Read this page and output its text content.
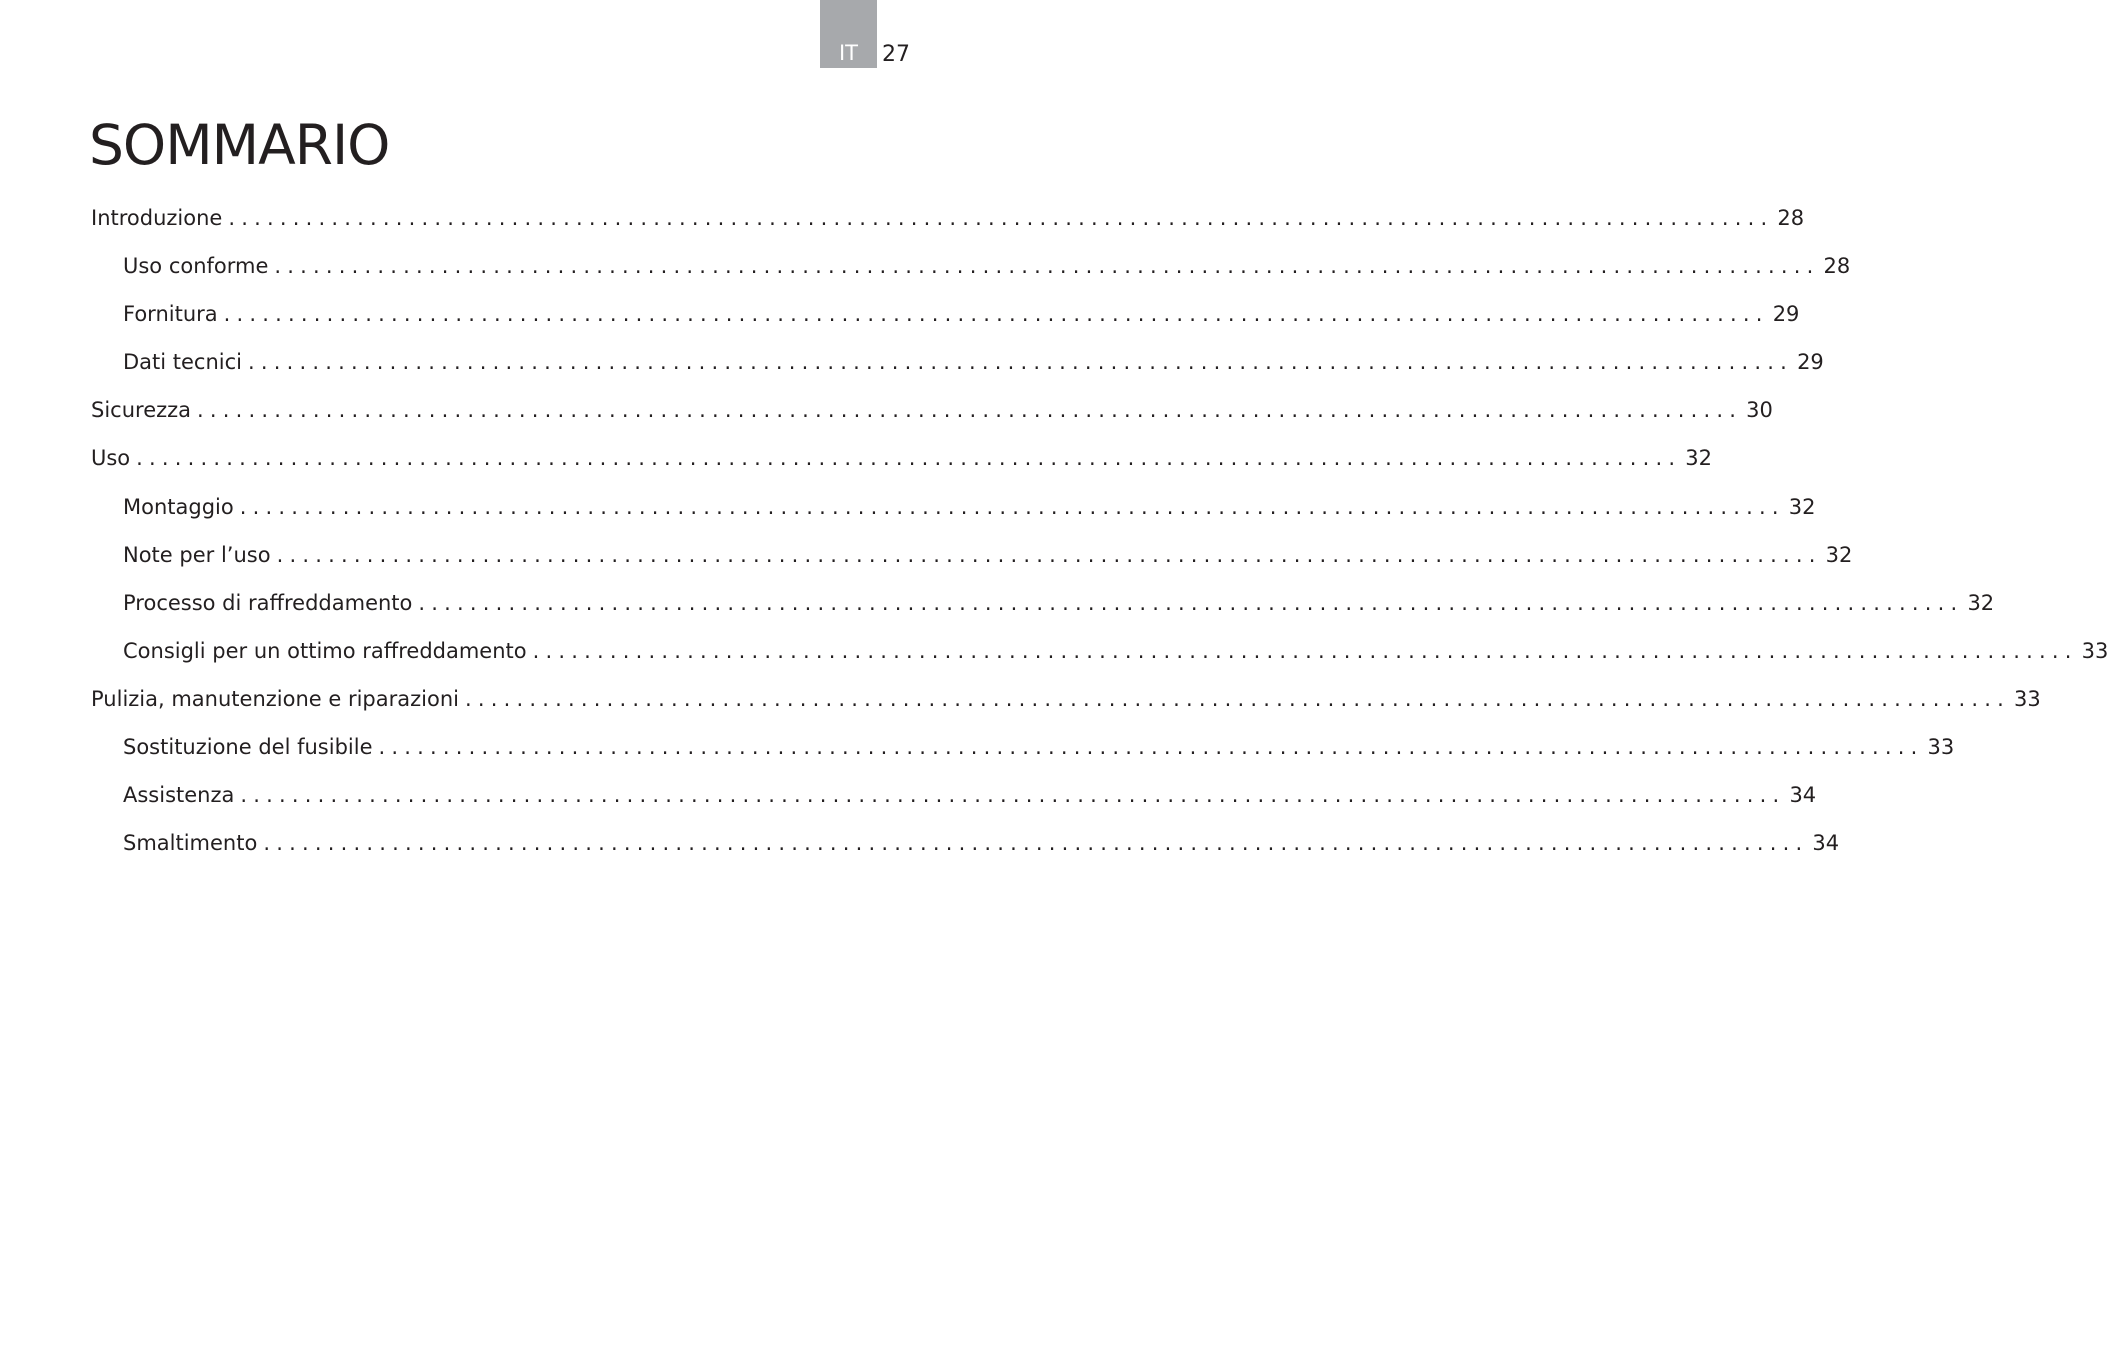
IT	27
SOMMARIO
Introduzione ........................................................................................................................ 28
Uso conforme ........................................................................................................................ 28
Fornitura ........................................................................................................................ 29
Dati tecnici ........................................................................................................................ 29
Sicurezza ........................................................................................................................ 30
Uso ........................................................................................................................ 32
Montaggio ........................................................................................................................ 32
Note per l’uso ........................................................................................................................ 32
Processo di raffreddamento ........................................................................................................................ 32
Consigli per un ottimo raffreddamento ........................................................................................................................ 33
Pulizia, manutenzione e riparazioni ........................................................................................................................ 33
Sostituzione del fusibile ........................................................................................................................ 33
Assistenza ........................................................................................................................ 34
Smaltimento ........................................................................................................................ 34
